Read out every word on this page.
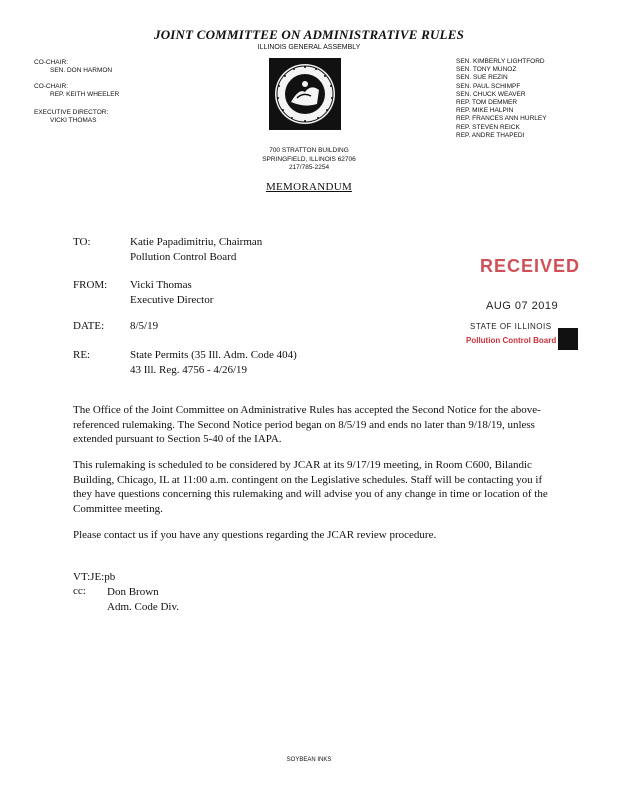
JOINT COMMITTEE ON ADMINISTRATIVE RULES
ILLINOIS GENERAL ASSEMBLY
CO-CHAIR:
SEN. DON HARMON
CO-CHAIR:
REP. KEITH WHEELER
EXECUTIVE DIRECTOR:
VICKI THOMAS
SEN. KIMBERLY LIGHTFORD
SEN. TONY MUNOZ
SEN. SUE REZIN
SEN. PAUL SCHIMPF
SEN. CHUCK WEAVER
REP. TOM DEMMER
REP. MIKE HALPIN
REP. FRANCES ANN HURLEY
REP. STEVEN REICK
REP. ANDRE THAPEDI
700 STRATTON BUILDING
SPRINGFIELD, ILLINOIS 62706
217/785-2254
MEMORANDUM
TO:	Katie Papadimitriu, Chairman
Pollution Control Board
FROM: Vicki Thomas
Executive Director
DATE: 8/5/19
RE:	State Permits (35 Ill. Adm. Code 404)
43 Ill. Reg. 4756 - 4/26/19
RECEIVED
AUG 07 2019
STATE OF ILLINOIS
Pollution Control Board
The Office of the Joint Committee on Administrative Rules has accepted the Second Notice for the above-referenced rulemaking. The Second Notice period began on 8/5/19 and ends no later than 9/18/19, unless extended pursuant to Section 5-40 of the IAPA.
This rulemaking is scheduled to be considered by JCAR at its 9/17/19 meeting, in Room C600, Bilandic Building, Chicago, IL at 11:00 a.m. contingent on the Legislative schedules. Staff will be contacting you if they have questions concerning this rulemaking and will advise you of any change in time or location of the Committee meeting.
Please contact us if you have any questions regarding the JCAR review procedure.
VT:JE:pb
cc: Don Brown
Adm. Code Div.
SOYBEAN INKS
